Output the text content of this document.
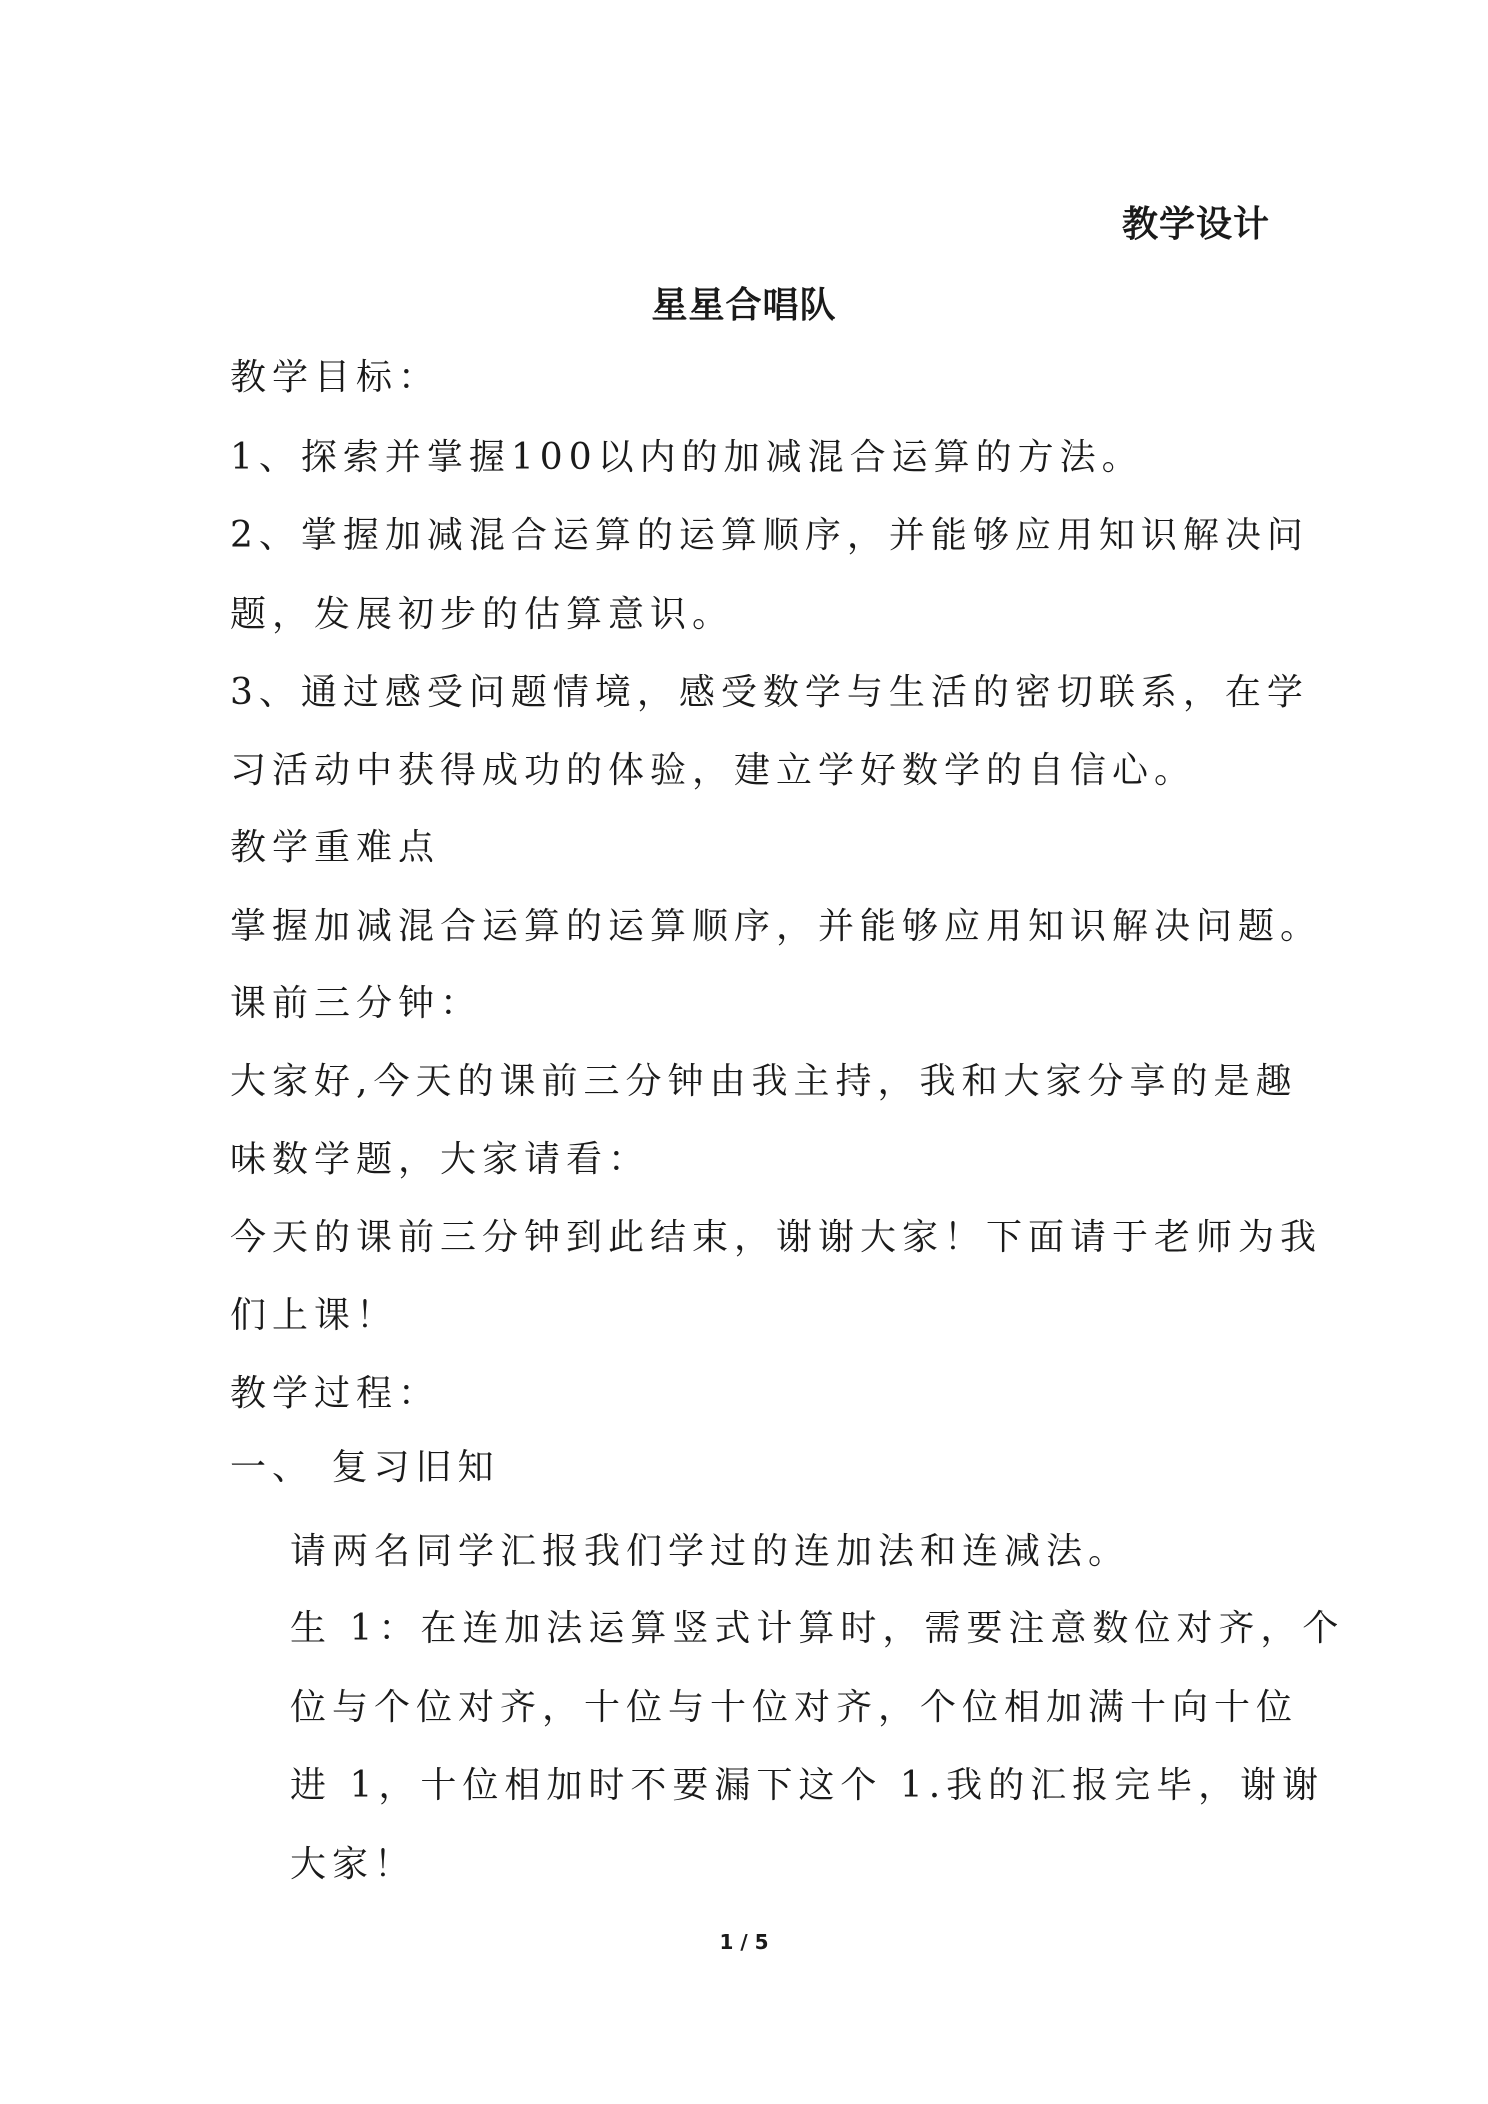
教学设计
星星合唱队
教学目标：
1、探索并掌握100以内的加减混合运算的方法。
2、掌握加减混合运算的运算顺序，并能够应用知识解决问
题，发展初步的估算意识。
3、通过感受问题情境，感受数学与生活的密切联系，在学
习活动中获得成功的体验，建立学好数学的自信心。
教学重难点
掌握加减混合运算的运算顺序，并能够应用知识解决问题。
课前三分钟：
大家好,今天的课前三分钟由我主持，我和大家分享的是趣
味数学题，大家请看：
今天的课前三分钟到此结束，谢谢大家！下面请于老师为我
们上课！
教学过程：
一、 复习旧知
请两名同学汇报我们学过的连加法和连减法。
生 1：在连加法运算竖式计算时，需要注意数位对齐，个
位与个位对齐，十位与十位对齐，个位相加满十向十位
进 1，十位相加时不要漏下这个 1.我的汇报完毕，谢谢
大家！
1 / 5
